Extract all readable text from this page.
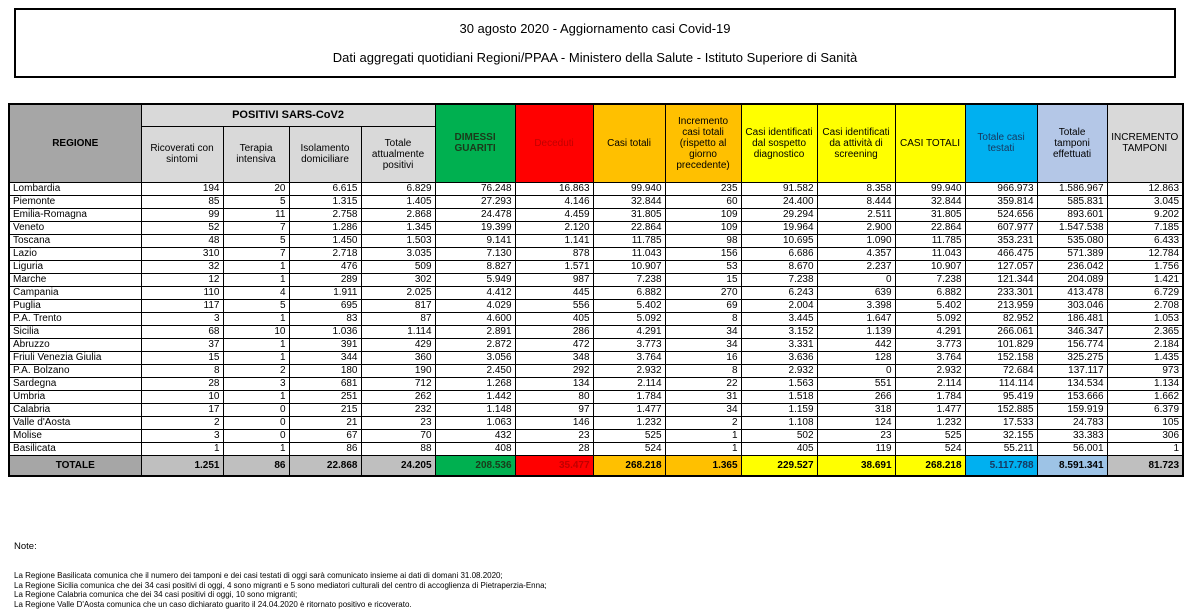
30 agosto 2020 - Aggiornamento casi Covid-19
Dati aggregati quotidiani Regioni/PPAA - Ministero della Salute - Istituto Superiore di Sanità
REGIONE	POSITIVI SARS-CoV2				DIMESSI GUARITI	Deceduti	Casi totali	Incremento casi totali (rispetto al giorno precedente)	Casi identificati dal sospetto diagnostico	Casi identificati da attività di screening	CASI TOTALI	Totale casi testati	Totale tamponi effettuati	INCREMENTO TAMPONI
	Ricoverati con sintomi	Terapia intensiva	Isolamento domiciliare	Totale attualmente positivi										
Lombardia	194	20	6.615	6.829	76.248	16.863	99.940	235	91.582	8.358	99.940	966.973	1.586.967	12.863
Piemonte	85	5	1.315	1.405	27.293	4.146	32.844	60	24.400	8.444	32.844	359.814	585.831	3.045
Emilia-Romagna	99	11	2.758	2.868	24.478	4.459	31.805	109	29.294	2.511	31.805	524.656	893.601	9.202
Veneto	52	7	1.286	1.345	19.399	2.120	22.864	109	19.964	2.900	22.864	607.977	1.547.538	7.185
Toscana	48	5	1.450	1.503	9.141	1.141	11.785	98	10.695	1.090	11.785	353.231	535.080	6.433
Lazio	310	7	2.718	3.035	7.130	878	11.043	156	6.686	4.357	11.043	466.475	571.389	12.784
Liguria	32	1	476	509	8.827	1.571	10.907	53	8.670	2.237	10.907	127.057	236.042	1.756
Marche	12	1	289	302	5.949	987	7.238	15	7.238	0	7.238	121.344	204.089	1.421
Campania	110	4	1.911	2.025	4.412	445	6.882	270	6.243	639	6.882	233.301	413.478	6.729
Puglia	117	5	695	817	4.029	556	5.402	69	2.004	3.398	5.402	213.959	303.046	2.708
P.A. Trento	3	1	83	87	4.600	405	5.092	8	3.445	1.647	5.092	82.952	186.481	1.053
Sicilia	68	10	1.036	1.114	2.891	286	4.291	34	3.152	1.139	4.291	266.061	346.347	2.365
Abruzzo	37	1	391	429	2.872	472	3.773	34	3.331	442	3.773	101.829	156.774	2.184
Friuli Venezia Giulia	15	1	344	360	3.056	348	3.764	16	3.636	128	3.764	152.158	325.275	1.435
P.A. Bolzano	8	2	180	190	2.450	292	2.932	8	2.932	0	2.932	72.684	137.117	973
Sardegna	28	3	681	712	1.268	134	2.114	22	1.563	551	2.114	114.114	134.534	1.134
Umbria	10	1	251	262	1.442	80	1.784	31	1.518	266	1.784	95.419	153.666	1.662
Calabria	17	0	215	232	1.148	97	1.477	34	1.159	318	1.477	152.885	159.919	6.379
Valle d'Aosta	2	0	21	23	1.063	146	1.232	2	1.108	124	1.232	17.533	24.783	105
Molise	3	0	67	70	432	23	525	1	502	23	525	32.155	33.383	306
Basilicata	1	1	86	88	408	28	524	1	405	119	524	55.211	56.001	1
TOTALE	1.251	86	22.868	24.205	208.536	35.477	268.218	1.365	229.527	38.691	268.218	5.117.788	8.591.341	81.723
Note:
La Regione Basilicata comunica che il numero dei tamponi e dei casi testati di oggi sarà comunicato insieme ai dati di domani 31.08.2020;
La Regione Sicilia comunica che dei 34 casi positivi di oggi, 4 sono migranti e 5 sono mediatori culturali del centro di accoglienza di Pietraperzia-Enna;
La Regione Calabria comunica che dei 34 casi positivi di oggi, 10 sono migranti;
La Regione Valle D'Aosta comunica che un caso dichiarato guarito il 24.04.2020 è ritornato positivo e ricoverato.
